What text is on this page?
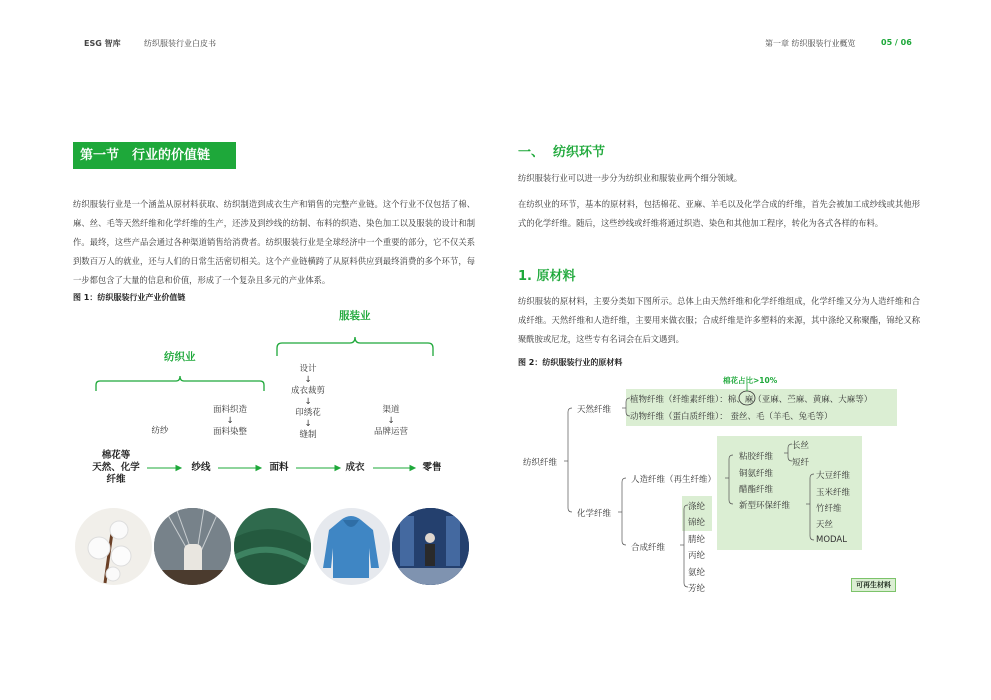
ESG 智库	纺织服装行业白皮书	第一章 纺织服装行业概览	05 / 06
第一节　行业的价值链
纺织服装行业是一个涵盖从原材料获取、纺织制造到成衣生产和销售的完整产业链。这个行业不仅包括了棉、麻、丝、毛等天然纤维和化学纤维的生产，还涉及到纱线的纺制、布料的织造、染色加工以及服装的设计和制作。最终，这些产品会通过各种渠道销售给消费者。纺织服装行业是全球经济中一个重要的部分，它不仅关系到数百万人的就业，还与人们的日常生活密切相关。这个产业链横跨了从原料供应到最终消费的多个环节，每一步都包含了大量的信息和价值，形成了一个复杂且多元的产业体系。
图 1：纺织服装行业产业价值链
纺织业
服装业
纺纱
面料织造
↓
面料染整
设计
↓
成衣裁剪
↓
印绣花
↓
缝制
渠道
↓
品牌运营
棉花等
天然、化学
纤维
纱线	面料	成衣	零售
一、  纺织环节
纺织服装行业可以进一步分为纺织业和服装业两个细分领域。
在纺织业的环节，基本的原材料，包括棉花、亚麻、羊毛以及化学合成的纤维，首先会被加工成纱线或其他形式的化学纤维。随后，这些纱线或纤维将通过织造、染色和其他加工程序，转化为各式各样的布料。
1. 原材料
纺织服装的原材料，主要分类如下图所示。总体上由天然纤维和化学纤维组成，化学纤维又分为人造纤维和合成纤维。天然纤维和人造纤维，主要用来做衣服；合成纤维是许多塑料的来源，其中涤纶又称聚酯，锦纶又称聚酰胺或尼龙，这些专有名词会在后文遇到。
图 2：纺织服装行业的原材料
棉花占比>10%
纺织纤维
天然纤维
化学纤维
植物纤维（纤维素纤维）：棉、麻（亚麻、苎麻、黄麻、大麻等）
动物纤维（蛋白质纤维）： 蚕丝、毛（羊毛、兔毛等）
人造纤维（再生纤维）
合成纤维
粘胶纤维
铜氨纤维
醋酯纤维
新型环保纤维
长丝
短纤
大豆纤维
玉米纤维
竹纤维
天丝
MODAL
涤纶
锦纶
腈纶
丙纶
氨纶
芳纶	可再生材料
